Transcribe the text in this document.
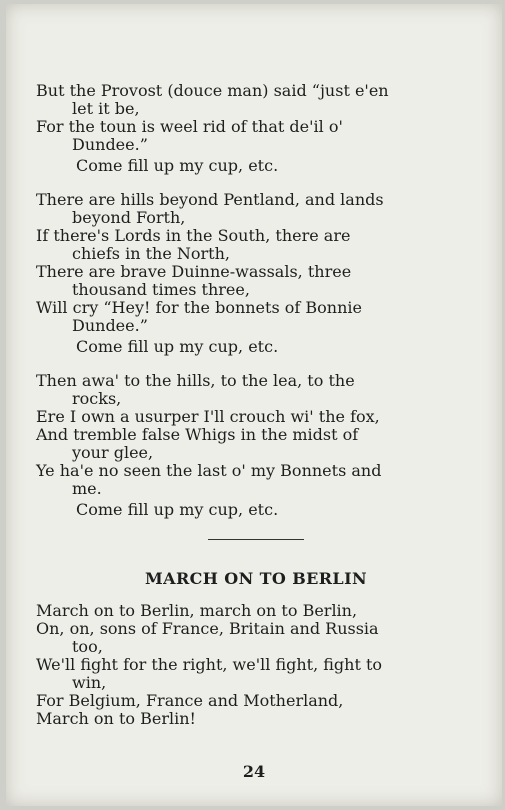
But the Provost (douce man) said “just e'en

let it be,

For the toun is weel rid of that de'il o'

Dundee.”

Come fill up my cup, etc.

There are hills beyond Pentland, and lands

beyond Forth,

If there's Lords in the South, there are

chiefs in the North,

There are brave Duinne-wassals, three

thousand times three,

Will cry “Hey! for the bonnets of Bonnie

Dundee.”

Come fill up my cup, etc.

Then awa' to the hills, to the lea, to the

rocks,

Ere I own a usurper I'll crouch wi' the fox,

And tremble false Whigs in the midst of

your glee,

Ye ha'e no seen the last o' my Bonnets and

me.

Come fill up my cup, etc.

MARCH ON TO BERLIN

March on to Berlin, march on to Berlin,

On, on, sons of France, Britain and Russia

too,

We'll fight for the right, we'll fight, fight to

win,

For Belgium, France and Motherland,

March on to Berlin!

24
